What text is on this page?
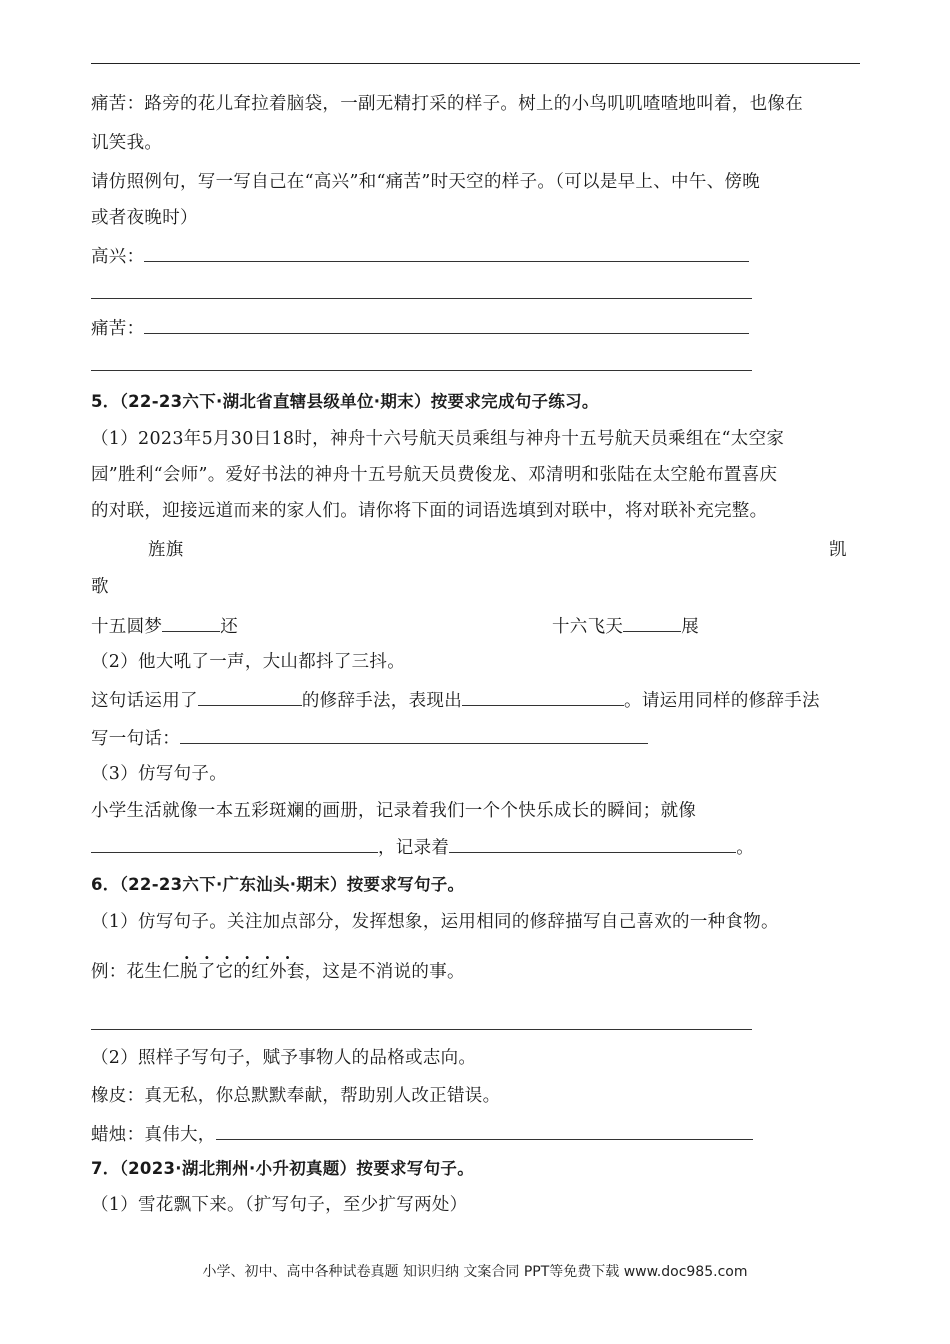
痛苦：路旁的花儿耷拉着脑袋，一副无精打采的样子。树上的小鸟叽叽喳喳地叫着，也像在
讥笑我。
请仿照例句，写一写自己在“高兴”和“痛苦”时天空的样子。（可以是早上、中午、傍晚
或者夜晚时）
高兴：
痛苦：
5．（22-23六下·湖北省直辖县级单位·期末）按要求完成句子练习。
（1）2023年5月30日18时，神舟十六号航天员乘组与神舟十五号航天员乘组在“太空家
园”胜利“会师”。爱好书法的神舟十五号航天员费俊龙、邓清明和张陆在太空舱布置喜庆
的对联，迎接远道而来的家人们。请你将下面的词语选填到对联中，将对联补充完整。
旌旗	凯
歌
十五圆梦	还	十六飞天	展
（2）他大吼了一声，大山都抖了三抖。
这句话运用了	的修辞手法，表现出	。请运用同样的修辞手法
写一句话：
（3）仿写句子。
小学生活就像一本五彩斑斓的画册，记录着我们一个个快乐成长的瞬间；就像
，记录着	。
6．（22-23六下·广东汕头·期末）按要求写句子。
（1）仿写句子。关注加点部分，发挥想象，运用相同的修辞描写自己喜欢的一种食物。
例：花生仁· · · 脱了它的红外套，这是不消说的事。
（2）照样子写句子，赋予事物人的品格或志向。
橡皮：真无私，你总默默奉献，帮助别人改正错误。
蜡烛：真伟大，
7．（2023·湖北荆州·小升初真题）按要求写句子。
（1）雪花飘下来。（扩写句子，至少扩写两处）
小学、初中、高中各种试卷真题 知识归纳 文案合同 PPT等免费下载 www.doc985.com
